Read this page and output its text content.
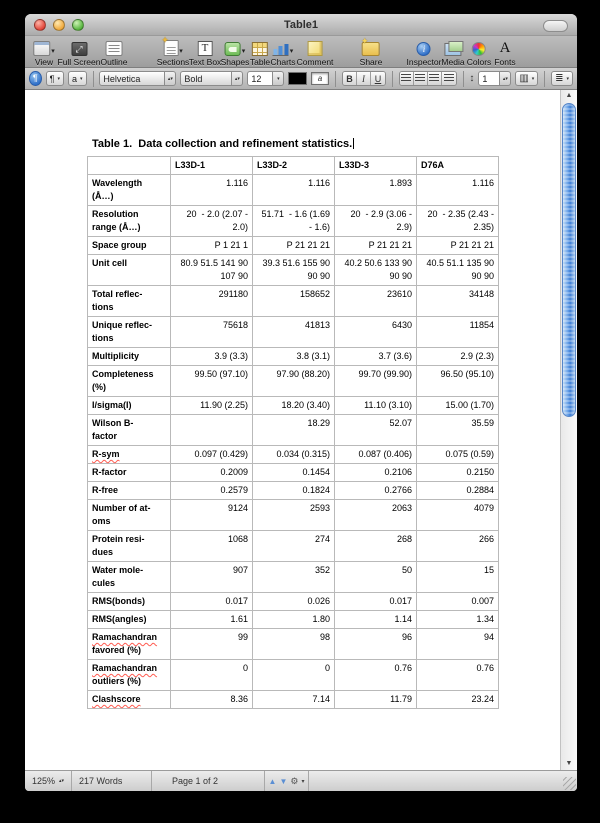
Table1
▾
View
⤢ Full Screen Outline
✦
▾
Sections
T Text Box
▾
Shapes Table
▾
Charts Comment
✦	Share
i	Inspector Media Colors
A Fonts
¶	¶ ▾ a ▾ Helvetica	▴▾ Bold	▴▾ 12	▾	a	B	I	U	↕ 1	▴▾ ▥ ▾ ≣ ▾
Table 1.  Data collection and refinement statistics.
	L33D-1	L33D-2	L33D-3	D76A
Wavelength
(Å…)	1.116	1.116	1.893	1.116
Resolution
range (Å…)	20  - 2.0 (2.07 - 2.0)	51.71  - 1.6 (1.69 - 1.6)	20  - 2.9 (3.06 - 2.9)	20  - 2.35 (2.43 - 2.35)
Space group	P 1 21 1	P 21 21 21	P 21 21 21	P 21 21 21
Unit cell	80.9 51.5 141 90 107 90	39.3 51.6 155 90 90 90	40.2 50.6 133 90 90 90	40.5 51.1 135 90 90 90
Total reflec-
tions	291180	158652	23610	34148
Unique reflec-
tions	75618	41813	6430	11854
Multiplicity	3.9 (3.3)	3.8 (3.1)	3.7 (3.6)	2.9 (2.3)
Completeness
(%)	99.50 (97.10)	97.90 (88.20)	99.70 (99.90)	96.50 (95.10)
I/sigma(I)	11.90 (2.25)	18.20 (3.40)	11.10 (3.10)	15.00 (1.70)
Wilson B-
factor		18.29	52.07	35.59
R-sym	0.097 (0.429)	0.034 (0.315)	0.087 (0.406)	0.075 (0.59)
R-factor	0.2009	0.1454	0.2106	0.2150
R-free	0.2579	0.1824	0.2766	0.2884
Number of at-
oms	9124	2593	2063	4079
Protein resi-
dues	1068	274	268	266
Water mole-
cules	907	352	50	15
RMS(bonds)	0.017	0.026	0.017	0.007
RMS(angles)	1.61	1.80	1.14	1.34
Ramachandran
favored (%)	99	98	96	94
Ramachandran
outliers (%)	0	0	0.76	0.76
Clashscore	8.36	7.14	11.79	23.24
▲
▼
125% ▴▾ 217 Words	Page 1 of 2	▲ ▼ ⚙ ▾
